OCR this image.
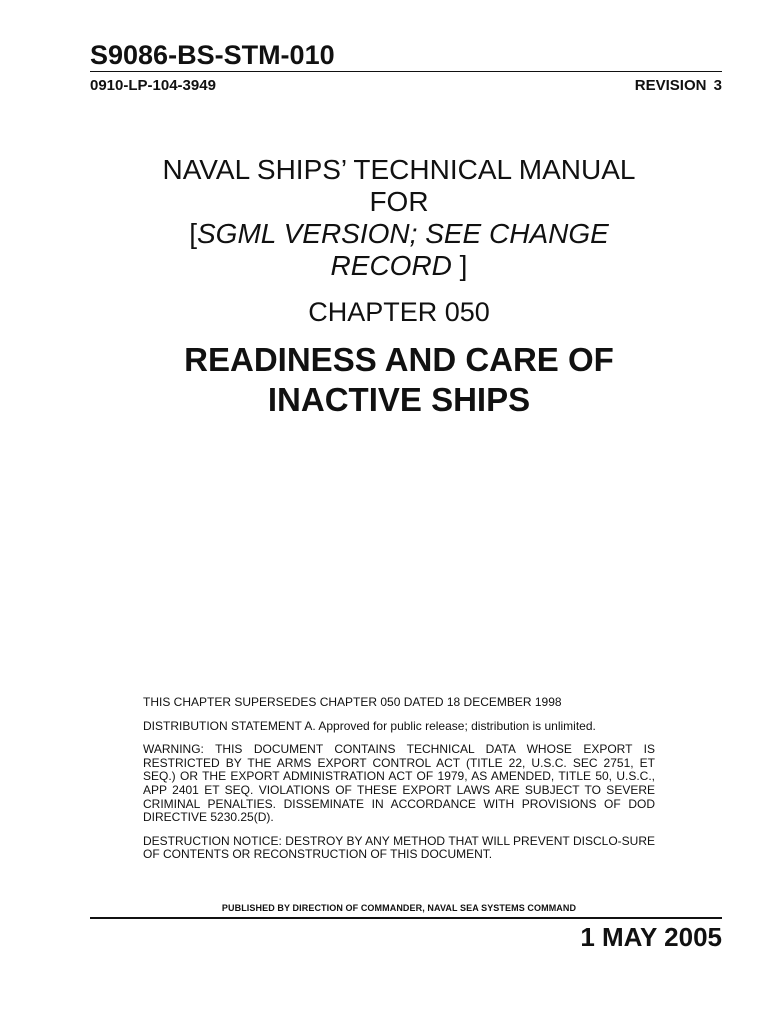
S9086-BS-STM-010
0910-LP-104-3949	REVISION 3
NAVAL SHIPS’ TECHNICAL MANUAL
FOR
[SGML VERSION; SEE CHANGE
RECORD ]
CHAPTER 050
READINESS AND CARE OF
INACTIVE SHIPS

THIS CHAPTER SUPERSEDES CHAPTER 050 DATED 18 DECEMBER 1998

DISTRIBUTION STATEMENT A. Approved for public release; distribution is unlimited.

WARNING: THIS DOCUMENT CONTAINS TECHNICAL DATA WHOSE EXPORT IS RESTRICTED BY THE ARMS EXPORT CONTROL ACT (TITLE 22, U.S.C. SEC 2751, ET SEQ.) OR THE EXPORT ADMINISTRATION ACT OF 1979, AS AMENDED, TITLE 50, U.S.C., APP 2401 ET SEQ. VIOLATIONS OF THESE EXPORT LAWS ARE SUBJECT TO SEVERE CRIMINAL PENALTIES. DISSEMINATE IN ACCORDANCE WITH PROVISIONS OF DOD DIRECTIVE 5230.25(D).

DESTRUCTION NOTICE: DESTROY BY ANY METHOD THAT WILL PREVENT DISCLO-SURE OF CONTENTS OR RECONSTRUCTION OF THIS DOCUMENT.

PUBLISHED BY DIRECTION OF COMMANDER, NAVAL SEA SYSTEMS COMMAND
1 MAY 2005
